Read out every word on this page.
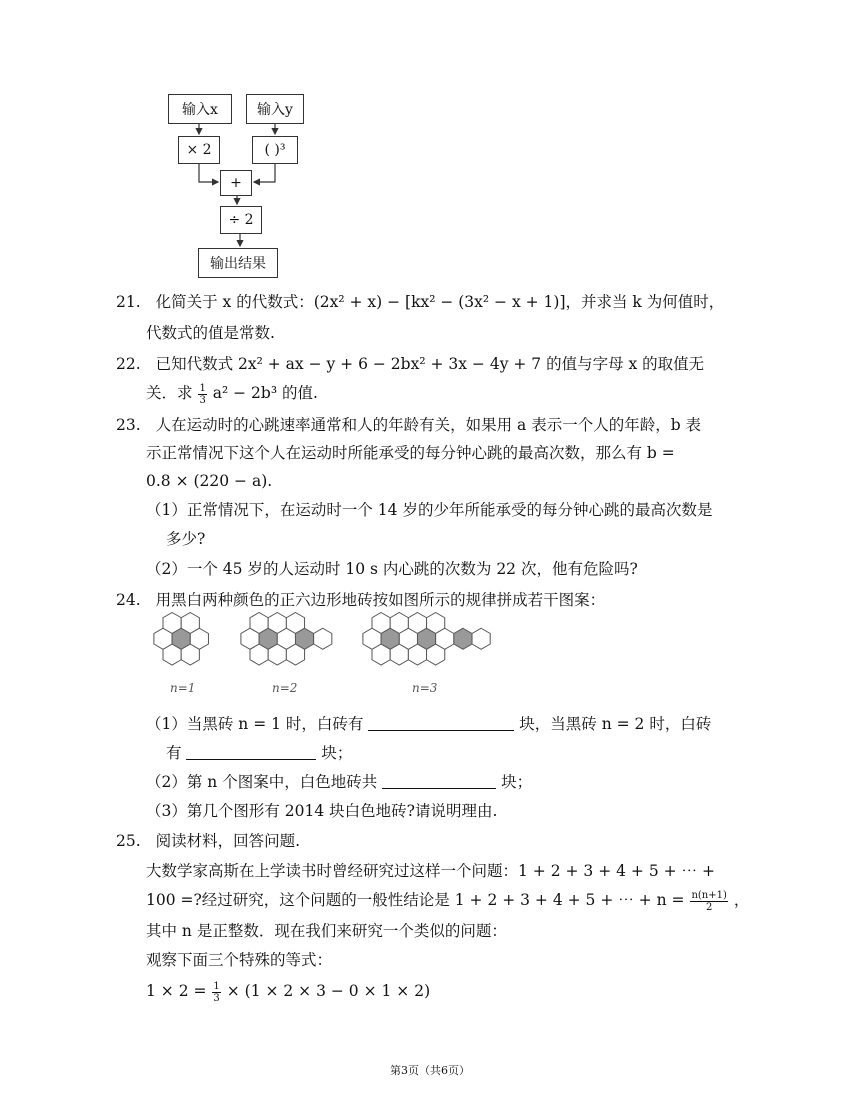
输入x	输入y
× 2	( )³
+
÷ 2
输出结果
21. 化简关于 x 的代数式：(2x² + x) − [kx² − (3x² − x + 1)]，并求当 k 为何值时，
代数式的值是常数.
22. 已知代数式 2x² + ax − y + 6 − 2bx² + 3x − 4y + 7 的值与字母 x 的取值无
关．求 $\frac{1}{3} a^2 - 2b^3$ 的值.
23. 人在运动时的心跳速率通常和人的年龄有关，如果用 a 表示一个人的年龄，b 表
示正常情况下这个人在运动时所能承受的每分钟心跳的最高次数，那么有 b =
0.8 × (220 − a).
（1）正常情况下，在运动时一个 14 岁的少年所能承受的每分钟心跳的最高次数是
多少?
（2）一个 45 岁的人运动时 10 s 内心跳的次数为 22 次，他有危险吗?
24. 用黑白两种颜色的正六边形地砖按如图所示的规律拼成若干图案：
n=1	n=2	n=3
（1）当黑砖 n = 1 时，白砖有	块，当黑砖 n = 2 时，白砖
有	块；
（2）第 n 个图案中，白色地砖共	块；
（3）第几个图形有 2014 块白色地砖?请说明理由.
25. 阅读材料，回答问题.
大数学家高斯在上学读书时曾经研究过这样一个问题：1 + 2 + 3 + 4 + 5 + ⋯ +
100 =?经过研究，这个问题的一般性结论是 1 + 2 + 3 + 4 + 5 + ⋯ + $n = \frac{n(n+1)}{2}$ ，
其中 n 是正整数．现在我们来研究一个类似的问题：
观察下面三个特殊的等式：
$1 \times 2 = \frac{1}{3} \times (1 \times 2 \times 3 - 0 \times 1 \times 2)$
第3页（共6页）
